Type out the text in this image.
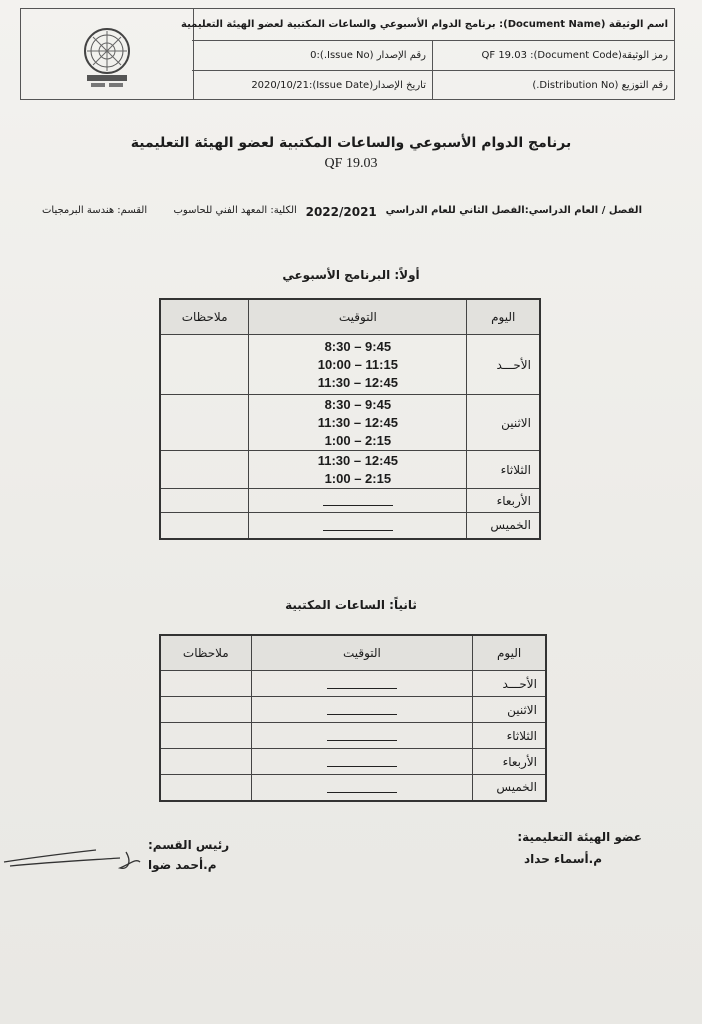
اسم الوثيقة (Document Name): برنامج الدوام الأسبوعي والساعات المكتبية لعضو الهيئة التعليمية
رمز الوثيقة(Document Code): QF 19.03
رقم الإصدار (Issue No.):0
رقم التوزيع (Distribution No.)
تاريخ الإصدار(Issue Date):2020/10/21
برنامج الدوام الأسبوعي والساعات المكتبية لعضو الهيئة التعليمية
QF 19.03
الفصل / العام الدراسي:الفصل الثاني للعام الدراسي
2022/2021
الكلية: المعهد الفني للحاسوب
القسم: هندسة البرمجيات
أولاً: البرنامج الأسبوعي
اليوم	التوقيت	ملاحظات
الأحـــد	8:30 – 9:45
10:00 – 11:15
11:30 – 12:45	

الاثنين	8:30 – 9:45
11:30 – 12:45
1:00 – 2:15	

الثلاثاء	11:30 – 12:45
1:00 – 2:15	

الأربعاء		
الخميس		
ثانياً: الساعات المكتبية
اليوم	التوقيت	ملاحظات
الأحـــد		
الاثنين		
الثلاثاء		
الأربعاء		
الخميس		
عضو الهيئة التعليمية:
م.أسماء حداد
رئيس القسم:
م.أحمد ضوا
